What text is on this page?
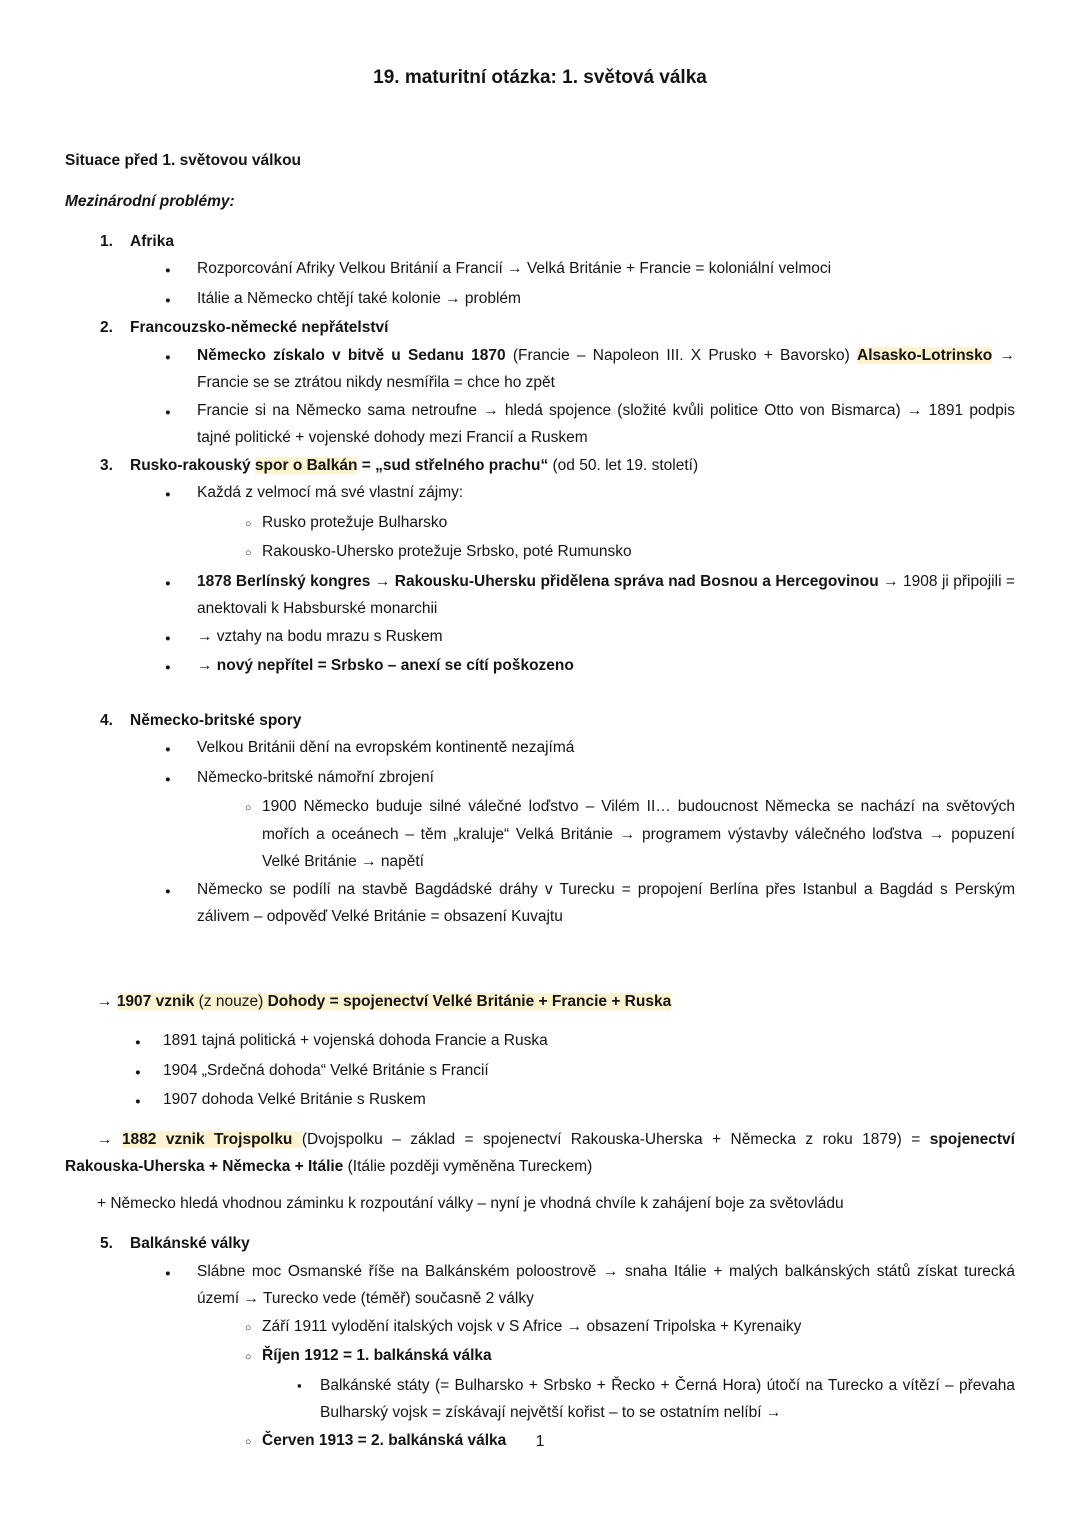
19. maturitní otázka: 1. světová válka
Situace před 1. světovou válkou
Mezinárodní problémy:
1.	Afrika
●	Rozporcování Afriky Velkou Británií a Francií → Velká Británie + Francie = koloniální velmoci
●	Itálie a Německo chtějí také kolonie → problém
2.	Francouzsko-německé nepřátelství
●	Německo získalo v bitvě u Sedanu 1870 (Francie – Napoleon III. X Prusko + Bavorsko) Alsasko-Lotrinsko → Francie se se ztrátou nikdy nesmířila = chce ho zpět
●	Francie si na Německo sama netroufne → hledá spojence (složité kvůli politice Otto von Bismarca) → 1891 podpis tajné politické + vojenské dohody mezi Francií a Ruskem
3.	Rusko-rakouský spor o Balkán = „sud střelného prachu“ (od 50. let 19. století)
●	Každá z velmocí má své vlastní zájmy:
○ Rusko protežuje Bulharsko
○ Rakousko-Uhersko protežuje Srbsko, poté Rumunsko
●	1878 Berlínský kongres → Rakousku-Uhersku přidělena správa nad Bosnou a Hercegovinou → 1908 ji připojili = anektovali k Habsburské monarchii
●	→ vztahy na bodu mrazu s Ruskem
●	→ nový nepřítel = Srbsko – anexí se cítí poškozeno
4.	Německo-britské spory
●	Velkou Británii dění na evropském kontinentě nezajímá
●	Německo-britské námořní zbrojení
○ 1900 Německo buduje silné válečné loďstvo – Vilém II… budoucnost Německa se nachází na světových mořích a oceánech – těm „kraluje“ Velká Británie → programem výstavby válečného loďstva → popuzení Velké Británie → napětí
●	Německo se podílí na stavbě Bagdádské dráhy v Turecku = propojení Berlína přes Istanbul a Bagdád s Perským zálivem – odpověď Velké Británie = obsazení Kuvajtu
→ 1907 vznik (z nouze) Dohody = spojenectví Velké Británie + Francie + Ruska
●	1891 tajná politická + vojenská dohoda Francie a Ruska
●	1904 „Srdečná dohoda“ Velké Británie s Francií
●	1907 dohoda Velké Británie s Ruskem
→ 1882 vznik Trojspolku (Dvojspolku – základ = spojenectví Rakouska-Uherska + Německa z roku 1879) = spojenectví Rakouska-Uherska + Německa + Itálie (Itálie později vyměněna Tureckem)
+ Německo hledá vhodnou záminku k rozpoutání války – nyní je vhodná chvíle k zahájení boje za světovládu
5.	Balkánské války
●	Slábne moc Osmanské říše na Balkánském poloostrově → snaha Itálie + malých balkánských států získat turecká území → Turecko vede (téměř) současně 2 války
○ Září 1911 vylodění italských vojsk v S Africe → obsazení Tripolska + Kyrenaiky
○ Říjen 1912 = 1. balkánská válka
▪	Balkánské státy (= Bulharsko + Srbsko + Řecko + Černá Hora) útočí na Turecko a vítězí – převaha Bulharský vojsk = získávají největší kořist – to se ostatním nelíbí →
○ Červen 1913 = 2. balkánská válka	1
